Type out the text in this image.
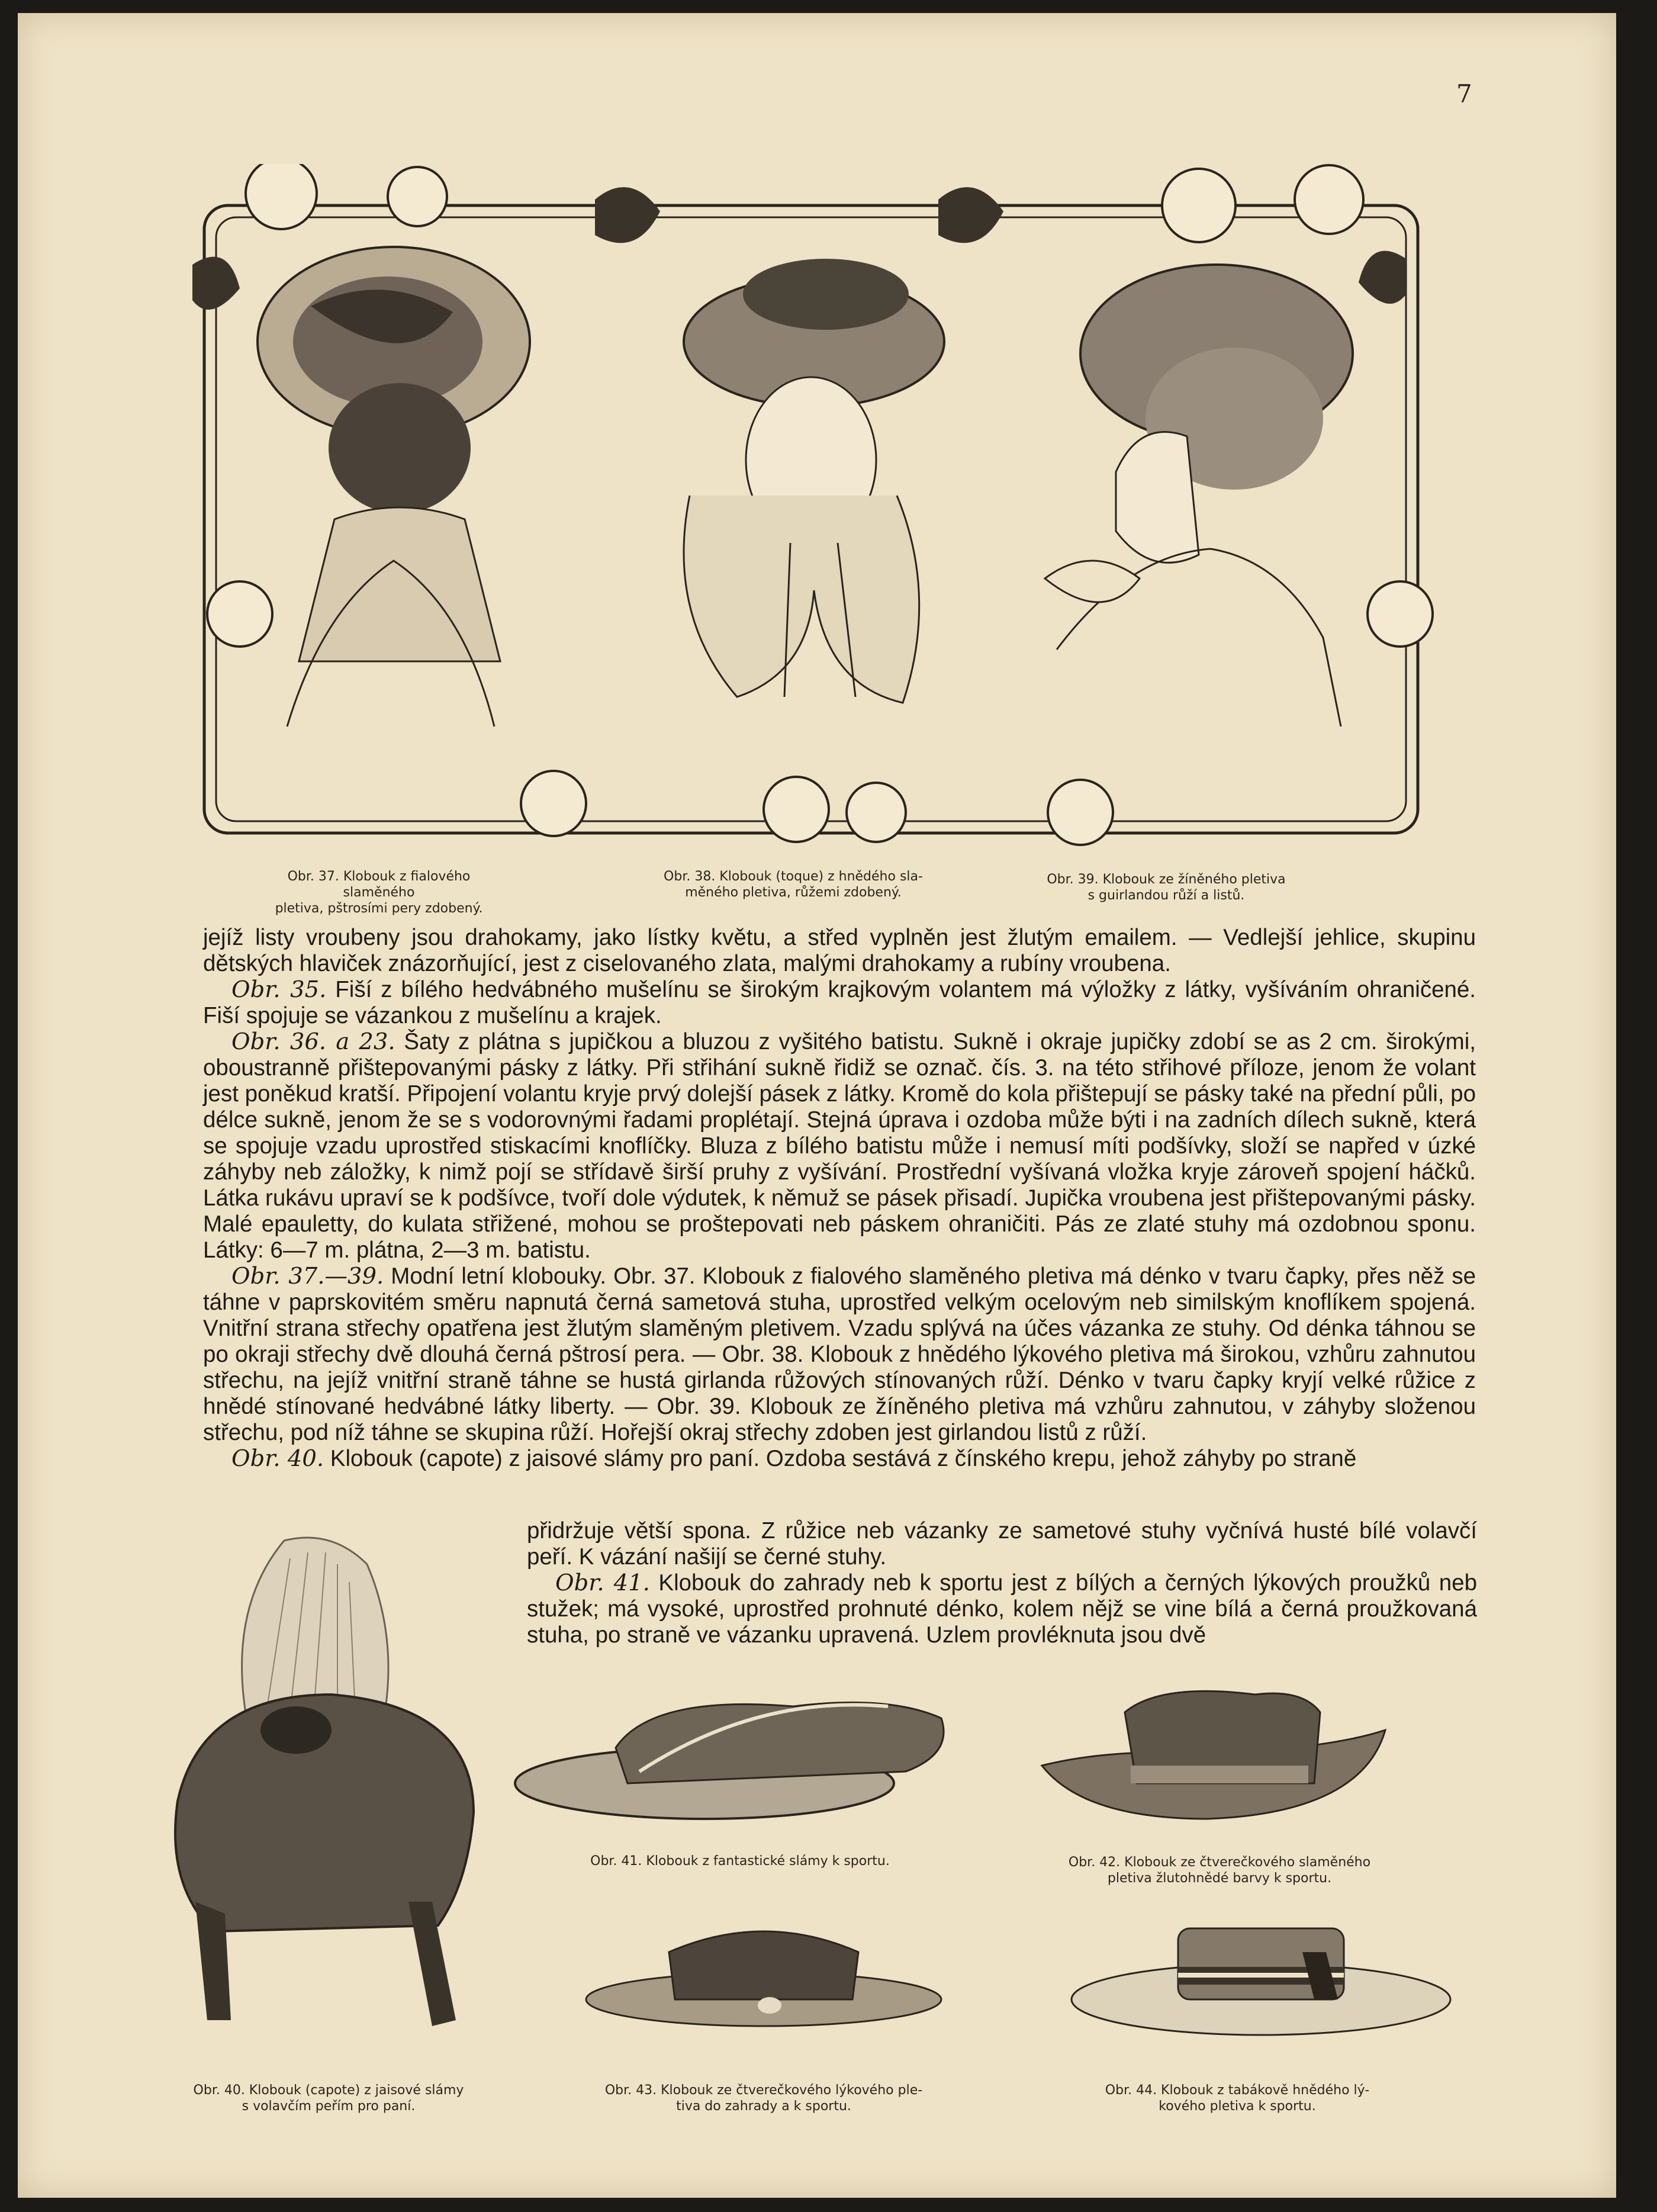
7
Obr. 37. Klobouk z fialového slaměného
pletiva, pštrosími pery zdobený.
Obr. 38. Klobouk (toque) z hnědého sla-
měného pletiva, růžemi zdobený.
Obr. 39. Klobouk ze žíněného pletiva
s guirlandou růží a listů.

jejíž listy vroubeny jsou drahokamy, jako lístky květu, a střed vyplněn jest žlutým emailem. — Vedlejší jehlice, skupinu dětských hlaviček znázorňující, jest z ciselovaného zlata, malými drahokamy a rubíny vroubena.

Obr. 35. Fiší z bílého hedvábného mušelínu se širokým krajkovým volantem má výložky z látky, vyšíváním ohraničené. Fiší spojuje se vázankou z mušelínu a krajek.

Obr. 36. a 23. Šaty z plátna s jupičkou a bluzou z vyšitého batistu. Sukně i okraje jupičky zdobí se as 2 cm. širokými, oboustranně přištepovanými pásky z látky. Při střihání sukně řidiž se označ. čís. 3. na této střihové příloze, jenom že volant jest poněkud kratší. Připojení volantu kryje prvý dolejší pásek z látky. Kromě do kola přištepují se pásky také na přední půli, po délce sukně, jenom že se s vodorovnými řadami proplétají. Stejná úprava i ozdoba může býti i na zadních dílech sukně, která se spojuje vzadu uprostřed stiskacími knoflíčky. Bluza z bílého batistu může i nemusí míti podšívky, složí se napřed v úzké záhyby neb záložky, k nimž pojí se střídavě širší pruhy z vyšívání. Prostřední vyšívaná vložka kryje zároveň spojení háčků. Látka rukávu upraví se k podšívce, tvoří dole výdutek, k němuž se pásek přisadí. Jupička vroubena jest přištepovanými pásky. Malé epauletty, do kulata střižené, mohou se proštepovati neb páskem ohraničiti. Pás ze zlaté stuhy má ozdobnou sponu. Látky: 6—7 m. plátna, 2—3 m. batistu.

Obr. 37.—39. Modní letní klobouky. Obr. 37. Klobouk z fialového slaměného pletiva má dénko v tvaru čapky, přes něž se táhne v paprskovitém směru napnutá černá sametová stuha, uprostřed velkým ocelovým neb similským knoflíkem spojená. Vnitřní strana střechy opatřena jest žlutým slaměným pletivem. Vzadu splývá na účes vázanka ze stuhy. Od dénka táhnou se po okraji střechy dvě dlouhá černá pštrosí pera. — Obr. 38. Klobouk z hnědého lýkového pletiva má širokou, vzhůru zahnutou střechu, na jejíž vnitřní straně táhne se hustá girlanda růžových stínovaných růží. Dénko v tvaru čapky kryjí velké růžice z hnědé stínované hedvábné látky liberty. — Obr. 39. Klobouk ze žíněného pletiva má vzhůru zahnutou, v záhyby složenou střechu, pod níž táhne se skupina růží. Hořejší okraj střechy zdoben jest girlandou listů z růží.

Obr. 40. Klobouk (capote) z jaisové slámy pro paní. Ozdoba sestává z čínského krepu, jehož záhyby po straně

přidržuje větší spona. Z růžice neb vázanky ze sametové stuhy vyčnívá husté bílé volavčí peří. K vázání našijí se černé stuhy.

Obr. 41. Klobouk do zahrady neb k sportu jest z bílých a černých lýkových proužků neb stužek; má vysoké, uprostřed prohnuté dénko, kolem nějž se vine bílá a černá proužkovaná stuha, po straně ve vázanku upravená. Uzlem provléknuta jsou dvě

Obr. 41. Klobouk z fantastické slámy k sportu.	Obr. 42. Klobouk ze čtverečkového slaměného
pletiva žlutohnědé barvy k sportu.
Obr. 43. Klobouk ze čtverečkového lýkového ple-
tiva do zahrady a k sportu.
Obr. 44. Klobouk z tabákově hnědého lý-
kového pletiva k sportu.
Obr. 40. Klobouk (capote) z jaisové slámy
s volavčím peřím pro paní.
